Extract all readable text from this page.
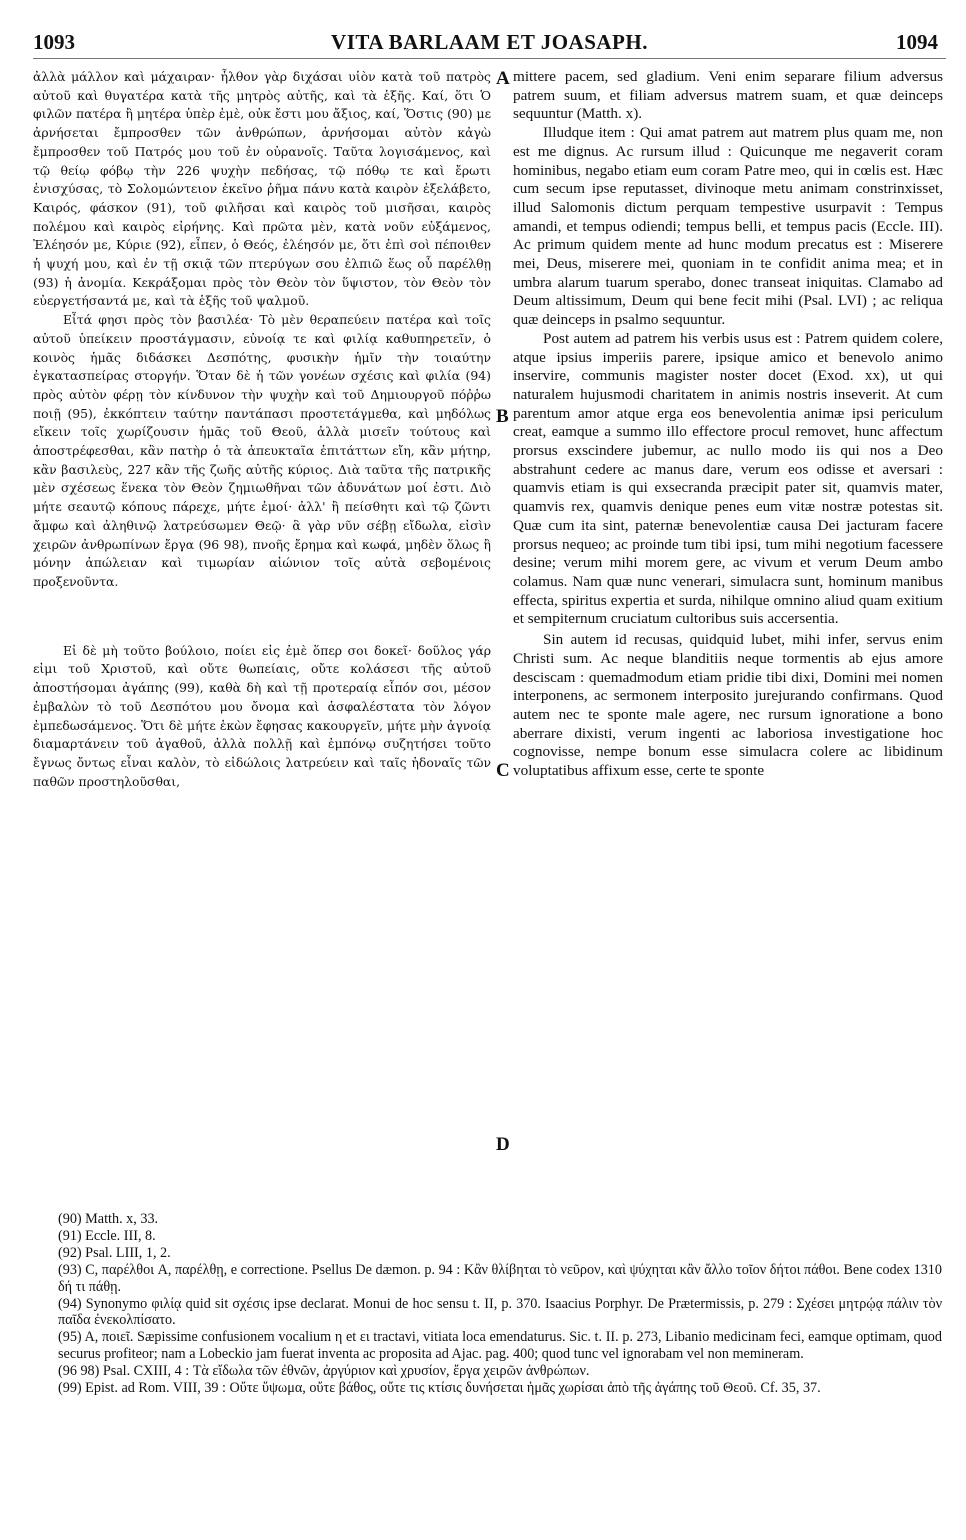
1093	VITA BARLAAM ET JOASAPH.	1094

ἀλλὰ μάλλον καὶ μάχαιραν· ἦλθον γὰρ διχάσαι υἱὸν κατὰ τοῦ πατρὸς αὐτοῦ καὶ θυγατέρα κατὰ τῆς μητρὸς αὐτῆς, καὶ τὰ ἑξῆς. Καί, ὅτι Ὁ φιλῶν πατέρα ἢ μητέρα ὑπὲρ ἐμὲ, οὐκ ἔστι μου ἄξιος, καί, Ὅστις (90) με ἀρνήσεται ἔμπροσθεν τῶν ἀνθρώπων, ἀρνήσομαι αὐτὸν κἀγὼ ἔμπροσθεν τοῦ Πατρός μου τοῦ ἐν οὐρανοῖς. Ταῦτα λογισάμενος, καὶ τῷ θείῳ φόβῳ τὴν 226 ψυχὴν πεδήσας, τῷ πόθῳ τε καὶ ἔρωτι ἐνισχύσας, τὸ Σολομώντειον ἐκεῖνο ῥῆμα πάνυ κατὰ καιρὸν ἐξελάβετο, Καιρός, φάσκον (91), τοῦ φιλῆσαι καὶ καιρὸς τοῦ μισῆσαι, καιρὸς πολέμου καὶ καιρὸς εἰρήνης. Καὶ πρῶτα μὲν, κατὰ νοῦν εὐξάμενος, Ἐλέησόν με, Κύριε (92), εἶπεν, ὁ Θεός, ἐλέησόν με, ὅτι ἐπὶ σοὶ πέποιθεν ἡ ψυχή μου, καὶ ἐν τῇ σκιᾷ τῶν πτερύγων σου ἐλπιῶ ἕως οὗ παρέλθῃ (93) ἡ ἀνομία. Κεκράξομαι πρὸς τὸν Θεὸν τὸν ὕψιστον, τὸν Θεὸν τὸν εὐεργετήσαντά με, καὶ τὰ ἑξῆς τοῦ ψαλμοῦ.

Εἶτά φησι πρὸς τὸν βασιλέα· Τὸ μὲν θεραπεύειν πατέρα καὶ τοῖς αὐτοῦ ὑπείκειν προστάγμασιν, εὐνοίᾳ τε καὶ φιλίᾳ καθυπηρετεῖν, ὁ κοινὸς ἡμᾶς διδάσκει Δεσπότης, φυσικὴν ἡμῖν τὴν τοιαύτην ἐγκατασπείρας στοργήν. Ὅταν δὲ ἡ τῶν γονέων σχέσις καὶ φιλία (94) πρὸς αὐτὸν φέρῃ τὸν κίνδυνον τὴν ψυχὴν καὶ τοῦ Δημιουργοῦ πόῤῥω ποιῇ (95), ἐκκόπτειν ταύτην παντάπασι προστετάγμεθα, καὶ μηδόλως εἴκειν τοῖς χωρίζουσιν ἡμᾶς τοῦ Θεοῦ, ἀλλὰ μισεῖν τούτους καὶ ἀποστρέφεσθαι, κἂν πατὴρ ὁ τὰ ἀπευκταῖα ἐπιτάττων εἴη, κἂν μήτηρ, κἂν βασιλεὺς, 227 κἂν τῆς ζωῆς αὐτῆς κύριος. Διὰ ταῦτα τῆς πατρικῆς μὲν σχέσεως ἕνεκα τὸν Θεὸν ζημιωθῆναι τῶν ἀδυνάτων μοί ἐστι. Διὸ μήτε σεαυτῷ κόπους πάρεχε, μήτε ἐμοί· ἀλλ' ἢ πείσθητι καὶ τῷ ζῶντι ἄμφω καὶ ἀληθινῷ λατρεύσωμεν Θεῷ· ἃ γὰρ νῦν σέβῃ εἴδωλα, εἰσὶν χειρῶν ἀνθρωπίνων ἔργα (96 98), πνοῆς ἔρημα καὶ κωφά, μηδὲν ὅλως ἢ μόνην ἀπώλειαν καὶ τιμωρίαν αἰώνιον τοῖς αὐτὰ σεβομένοις προξενοῦντα.

Εἰ δὲ μὴ τοῦτο βούλοιο, ποίει εἰς ἐμὲ ὅπερ σοι δοκεῖ· δοῦλος γάρ εἰμι τοῦ Χριστοῦ, καὶ οὔτε θωπείαις, οὔτε κολάσεσι τῆς αὐτοῦ ἀποστήσομαι ἀγάπης (99), καθὰ δὴ καὶ τῇ προτεραίᾳ εἶπόν σοι, μέσον ἐμβαλὼν τὸ τοῦ Δεσπότου μου ὄνομα καὶ ἀσφαλέστατα τὸν λόγον ἐμπεδωσάμενος. Ὅτι δὲ μήτε ἑκὼν ἔφησας κακουργεῖν, μήτε μὴν ἀγνοίᾳ διαμαρτάνειν τοῦ ἀγαθοῦ, ἀλλὰ πολλῇ καὶ ἐμπόνῳ συζητήσει τοῦτο ἔγνως ὄντως εἶναι καλὸν, τὸ εἰδώλοις λατρεύειν καὶ ταῖς ἡδοναῖς τῶν παθῶν προστηλοῦσθαι,

A
B
C
D

mittere pacem, sed gladium. Veni enim separare filium adversus patrem suum, et filiam adversus matrem suam, et quæ deinceps sequuntur (Matth. x).

Illudque item : Qui amat patrem aut matrem plus quam me, non est me dignus. Ac rursum illud : Quicunque me negaverit coram hominibus, negabo etiam eum coram Patre meo, qui in cœlis est. Hæc cum secum ipse reputasset, divinoque metu animam constrinxisset, illud Salomonis dictum perquam tempestive usurpavit : Tempus amandi, et tempus odiendi; tempus belli, et tempus pacis (Eccle. III). Ac primum quidem mente ad hunc modum precatus est : Miserere mei, Deus, miserere mei, quoniam in te confidit anima mea; et in umbra alarum tuarum sperabo, donec transeat iniquitas. Clamabo ad Deum altissimum, Deum qui bene fecit mihi (Psal. LVI) ; ac reliqua quæ deinceps in psalmo sequuntur.

Post autem ad patrem his verbis usus est : Patrem quidem colere, atque ipsius imperiis parere, ipsique amico et benevolo animo inservire, communis magister noster docet (Exod. xx), ut qui naturalem hujusmodi charitatem in animis nostris inseverit. At cum parentum amor atque erga eos benevolentia animæ ipsi periculum creat, eamque a summo illo effectore procul removet, hunc affectum prorsus exscindere jubemur, ac nullo modo iis qui nos a Deo abstrahunt cedere ac manus dare, verum eos odisse et aversari : quamvis etiam is qui exsecranda præcipit pater sit, quamvis mater, quamvis rex, quamvis denique penes eum vitæ nostræ potestas sit. Quæ cum ita sint, paternæ benevolentiæ causa Dei jacturam facere prorsus nequeo; ac proinde tum tibi ipsi, tum mihi negotium facessere desine; verum mihi morem gere, ac vivum et verum Deum ambo colamus. Nam quæ nunc venerari, simulacra sunt, hominum manibus effecta, spiritus expertia et surda, nihilque omnino aliud quam exitium et sempiternum cruciatum cultoribus suis accersentia.

Sin autem id recusas, quidquid lubet, mihi infer, servus enim Christi sum. Ac neque blanditiis neque tormentis ab ejus amore desciscam : quemadmodum etiam pridie tibi dixi, Domini mei nomen interponens, ac sermonem interposito jurejurando confirmans. Quod autem nec te sponte male agere, nec rursum ignoratione a bono aberrare dixisti, verum ingenti ac laboriosa investigatione hoc cognovisse, nempe bonum esse simulacra colere ac libidinum voluptatibus affixum esse, certe te sponte

(90) Matth. x, 33.

(91) Eccle. III, 8.

(92) Psal. LIII, 1, 2.

(93) C, παρέλθοι A, παρέλθῃ, e correctione. Psellus De dæmon. p. 94 : Κἂν θλίβηται τὸ νεῦρον, καὶ ψύχηται κἂν ἄλλο τοῖον δήτοι πάθοι. Bene codex 1310 δή τι πάθῃ.

(94) Synonymo φιλίᾳ quid sit σχέσις ipse declarat. Monui de hoc sensu t. II, p. 370. Isaacius Porphyr. De Prætermissis, p. 279 : Σχέσει μητρῴᾳ πάλιν τὸν παῖδα ἐνεκολπίσατο.

(95) A, ποιεῖ. Sæpissime confusionem vocalium η et ει tractavi, vitiata loca emendaturus. Sic. t. II. p. 273, Libanio medicinam feci, eamque optimam, quod securus profiteor; nam a Lobeckio jam fuerat inventa ac proposita ad Ajac. pag. 400; quod tunc vel ignorabam vel non memineram.

(96 98) Psal. CXIII, 4 : Τὰ εἴδωλα τῶν ἐθνῶν, ἀργύριον καὶ χρυσίον, ἔργα χειρῶν ἀνθρώπων.

(99) Epist. ad Rom. VIII, 39 : Οὔτε ὕψωμα, οὔτε βάθος, οὔτε τις κτίσις δυνήσεται ἡμᾶς χωρίσαι ἀπὸ τῆς ἀγάπης τοῦ Θεοῦ. Cf. 35, 37.
